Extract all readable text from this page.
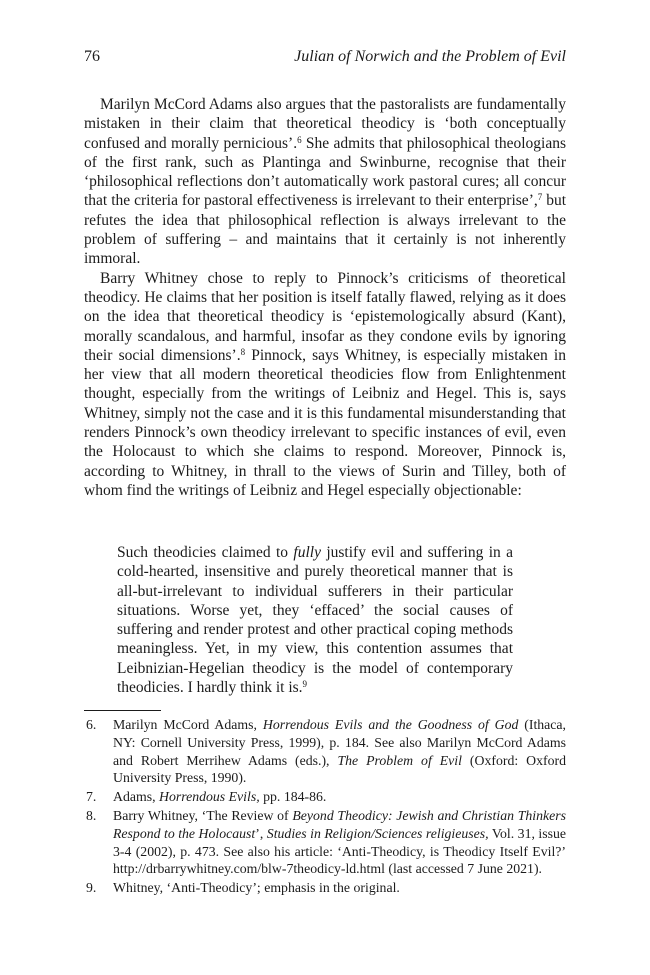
76	Julian of Norwich and the Problem of Evil

Marilyn McCord Adams also argues that the pastoralists are fundamentally mistaken in their claim that theoretical theodicy is ‘both conceptually confused and morally pernicious’.$^6$ She admits that philosophical theologians of the first rank, such as Plantinga and Swinburne, recognise that their ‘philosophical reflections don’t automatically work pastoral cures; all concur that the criteria for pastoral effectiveness is irrelevant to their enterprise’,$^7$ but refutes the idea that philosophical reflection is always irrelevant to the problem of suffering – and maintains that it certainly is not inherently immoral.

Barry Whitney chose to reply to Pinnock’s criticisms of theoretical theodicy. He claims that her position is itself fatally flawed, relying as it does on the idea that theoretical theodicy is ‘epistemologically absurd (Kant), morally scandalous, and harmful, insofar as they condone evils by ignoring their social dimensions’.$^8$ Pinnock, says Whitney, is especially mistaken in her view that all modern theoretical theodicies flow from Enlightenment thought, especially from the writings of Leibniz and Hegel. This is, says Whitney, simply not the case and it is this fundamental misunderstanding that renders Pinnock’s own theodicy irrelevant to specific instances of evil, even the Holocaust to which she claims to respond. Moreover, Pinnock is, according to Whitney, in thrall to the views of Surin and Tilley, both of whom find the writings of Leibniz and Hegel especially objectionable:

Such theodicies claimed to fully justify evil and suffering in a cold-hearted, insensitive and purely theoretical manner that is all-but-irrelevant to individual sufferers in their particular situations. Worse yet, they ‘effaced’ the social causes of suffering and render protest and other practical coping methods meaningless. Yet, in my view, this contention assumes that Leibnizian-Hegelian theodicy is the model of contemporary theodicies. I hardly think it is.$^9$

6.	Marilyn McCord Adams, Horrendous Evils and the Goodness of God (Ithaca, NY: Cornell University Press, 1999), p. 184. See also Marilyn McCord Adams and Robert Merrihew Adams (eds.), The Problem of Evil (Oxford: Oxford University Press, 1990).
7.	Adams, Horrendous Evils, pp. 184-86.
8.	Barry Whitney, ‘The Review of Beyond Theodicy: Jewish and Christian Thinkers Respond to the Holocaust’, Studies in Religion/Sciences religieuses, Vol. 31, issue 3-4 (2002), p. 473. See also his article: ‘Anti-Theodicy, is Theodicy Itself Evil?’ http://drbarrywhitney.com/blw-7theodicy-ld.html (last accessed 7 June 2021).
9.	Whitney, ‘Anti-Theodicy’; emphasis in the original.
